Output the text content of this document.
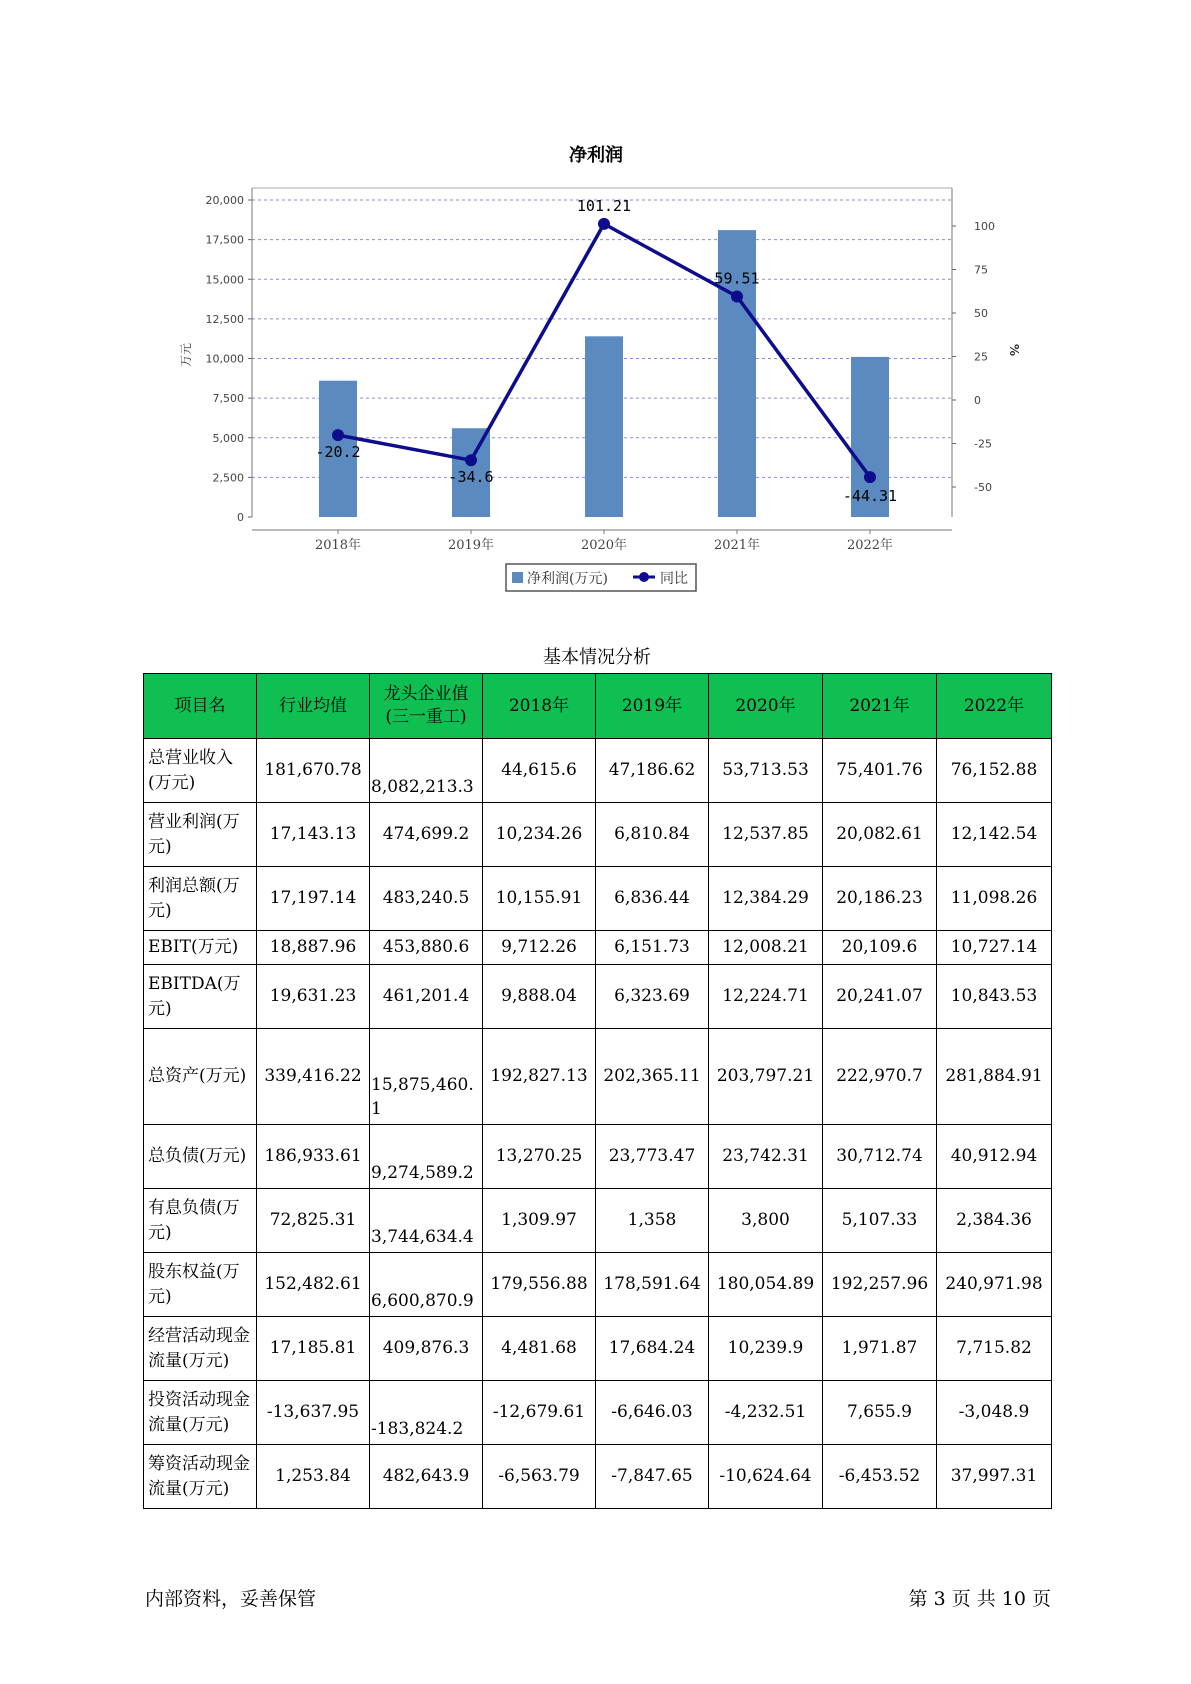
净利润
0
2,500
5,000
7,500
10,000
12,500
15,000
17,500
20,000
-50
-25
0
25
50
75
100
万元	%
2018年	2019年	2020年	2021年	2022年
-20.2
-34.6
101.21
59.51
-44.31
净利润(万元)	同比
基本情况分析
项目名	行业均值	龙头企业值(三一重工)	2018年	2019年	2020年	2021年	2022年
总营业收入(万元)	181,670.78	8,082,213.3	44,615.6	47,186.62	53,713.53	75,401.76	76,152.88
营业利润(万元)	17,143.13	474,699.2	10,234.26	6,810.84	12,537.85	20,082.61	12,142.54
利润总额(万元)	17,197.14	483,240.5	10,155.91	6,836.44	12,384.29	20,186.23	11,098.26
EBIT(万元)	18,887.96	453,880.6	9,712.26	6,151.73	12,008.21	20,109.6	10,727.14
EBITDA(万元)	19,631.23	461,201.4	9,888.04	6,323.69	12,224.71	20,241.07	10,843.53
总资产(万元)	339,416.22	15,875,460.1	192,827.13	202,365.11	203,797.21	222,970.7	281,884.91
总负债(万元)	186,933.61	9,274,589.2	13,270.25	23,773.47	23,742.31	30,712.74	40,912.94
有息负债(万元)	72,825.31	3,744,634.4	1,309.97	1,358	3,800	5,107.33	2,384.36
股东权益(万元)	152,482.61	6,600,870.9	179,556.88	178,591.64	180,054.89	192,257.96	240,971.98
经营活动现金流量(万元)	17,185.81	409,876.3	4,481.68	17,684.24	10,239.9	1,971.87	7,715.82
投资活动现金流量(万元)	-13,637.95	-183,824.2	-12,679.61	-6,646.03	-4,232.51	7,655.9	-3,048.9
筹资活动现金流量(万元)	1,253.84	482,643.9	-6,563.79	-7,847.65	-10,624.64	-6,453.52	37,997.31
内部资料，妥善保管	第 3 页 共 10 页
